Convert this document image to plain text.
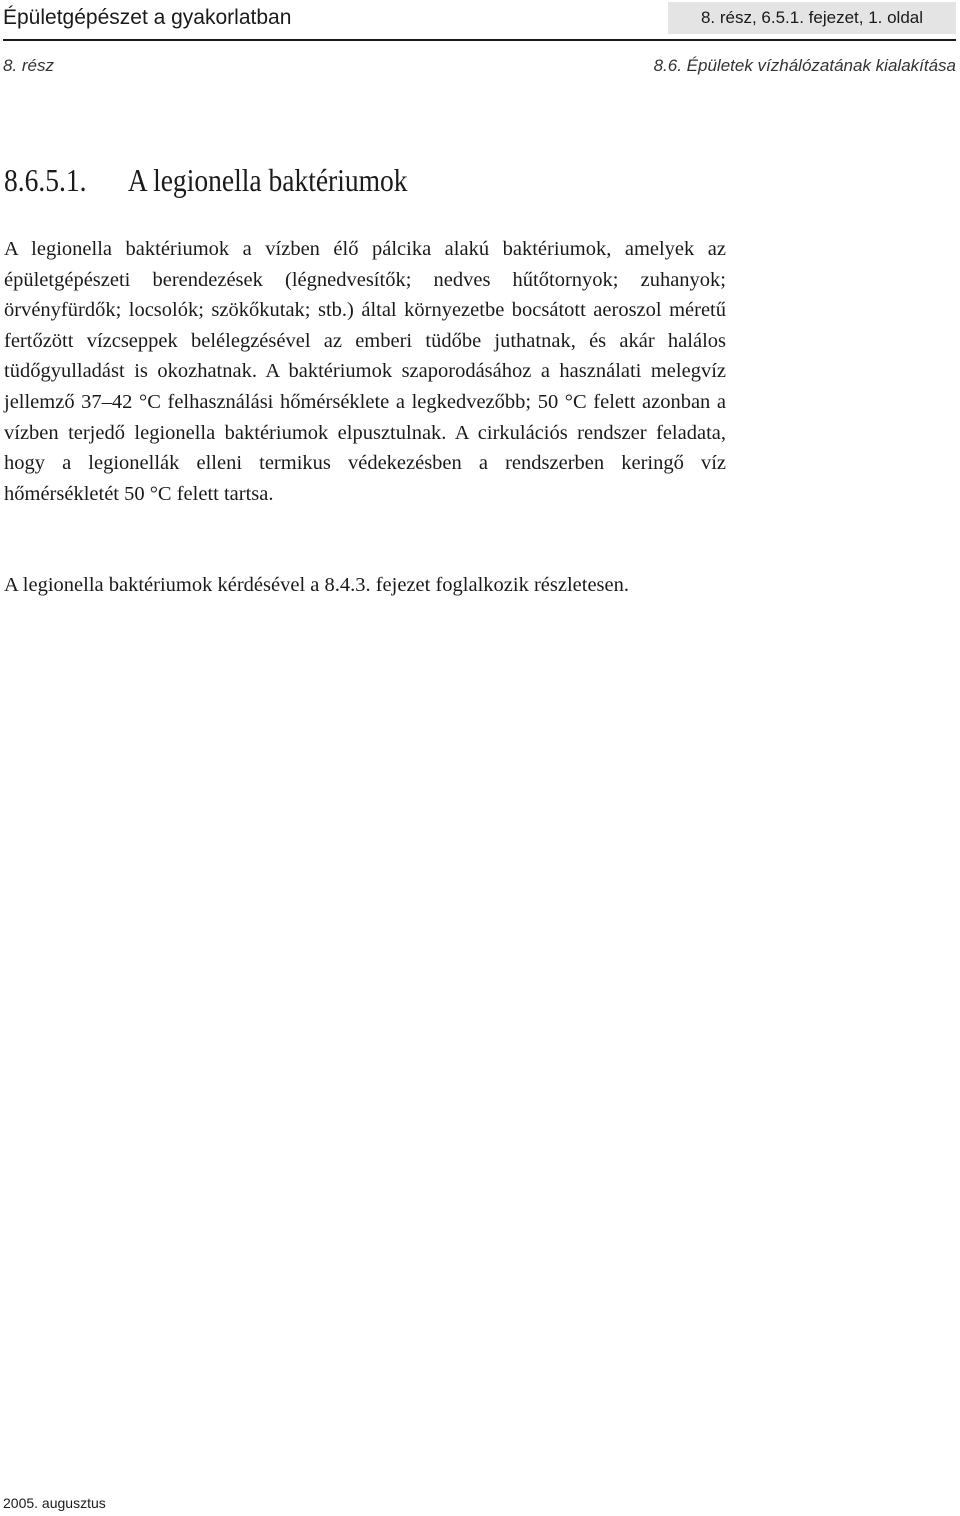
Épületgépészet a gyakorlatban	8. rész, 6.5.1. fejezet, 1. oldal
8. rész	8.6. Épületek vízhálózatának kialakítása
8.6.5.1. A legionella baktériumok

A legionella baktériumok a vízben élő pálcika alakú baktériumok, amelyek az épületgépészeti berendezések (légnedvesítők; nedves hűtőtornyok; zuhanyok; örvényfürdők; locsolók; szökőkutak; stb.) által környezetbe bocsátott aeroszol méretű fertőzött vízcseppek belélegzésével az emberi tüdőbe juthatnak, és akár halálos tüdőgyulladást is okozhatnak. A baktériumok szaporodásához a használati melegvíz jellemző 37–42 °C felhasználási hőmérséklete a legkedvezőbb; 50 °C felett azonban a vízben terjedő legionella baktériumok elpusztulnak. A cirkulációs rendszer feladata, hogy a legionellák elleni termikus védekezésben a rendszerben keringő víz hőmérsékletét 50 °C felett tartsa.

A legionella baktériumok kérdésével a 8.4.3. fejezet foglalkozik részletesen.

2005. augusztus
